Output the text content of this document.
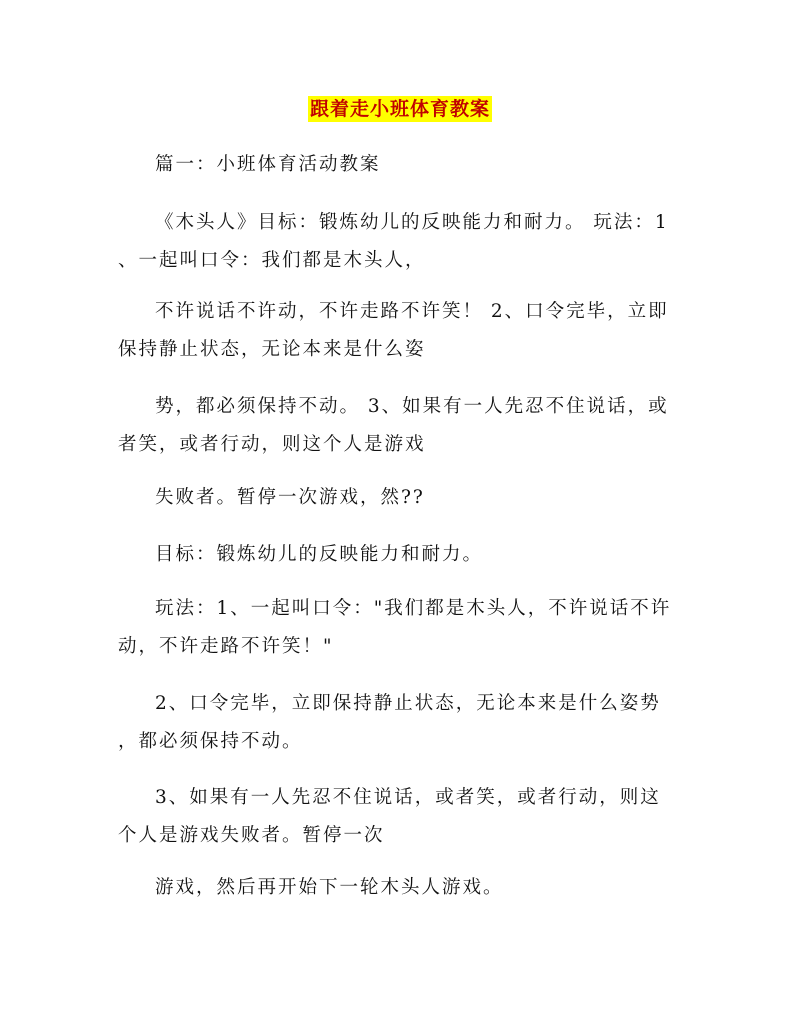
跟着走小班体育教案
篇一：小班体育活动教案
《木头人》目标：锻炼幼儿的反映能力和耐力。 玩法：1
、一起叫口令：我们都是木头人，
不许说话不许动，不许走路不许笑！ 2、口令完毕，立即
保持静止状态，无论本来是什么姿
势，都必须保持不动。 3、如果有一人先忍不住说话，或
者笑，或者行动，则这个人是游戏
失败者。暂停一次游戏，然??
目标：锻炼幼儿的反映能力和耐力。
玩法：1、一起叫口令："我们都是木头人，不许说话不许
动，不许走路不许笑！"
2、口令完毕，立即保持静止状态，无论本来是什么姿势
，都必须保持不动。
3、如果有一人先忍不住说话，或者笑，或者行动，则这
个人是游戏失败者。暂停一次
游戏，然后再开始下一轮木头人游戏。
